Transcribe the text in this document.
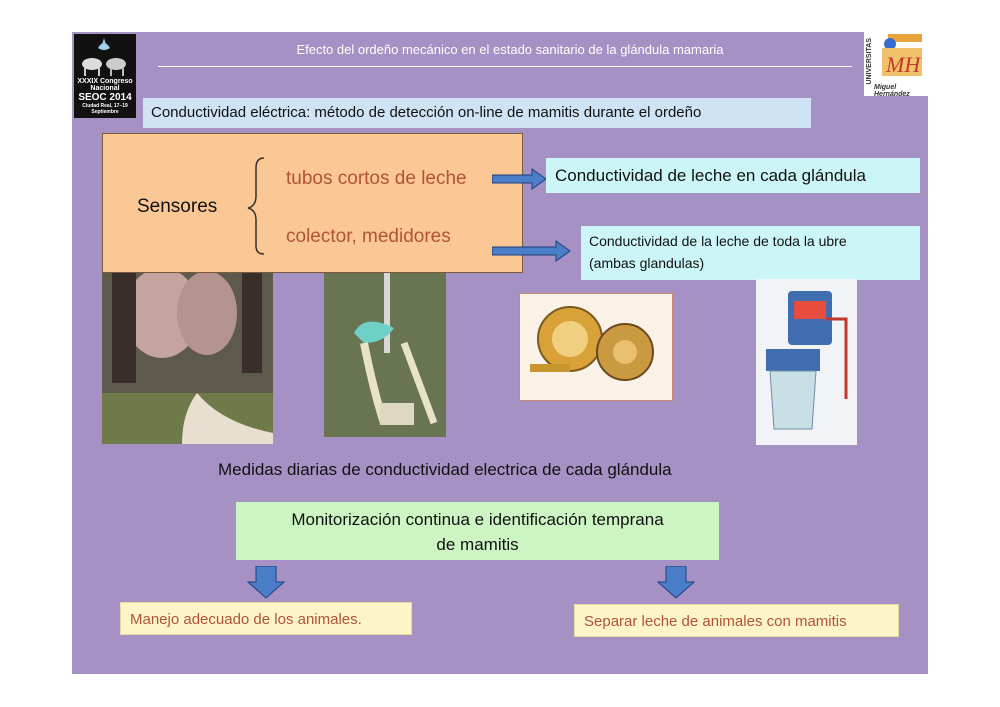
XXXIX Congreso Nacional
SEOC 2014
Ciudad Real, 17–19 Septiembre
Efecto del ordeño mecánico en el estado sanitario de la glándula mamaria	UNIVERSITAS MH
Miguel Hernández
Conductividad eléctrica: método de detección on-line de mamitis durante el ordeño
Sensores
tubos cortos de leche
colector, medidores
Conductividad de leche en cada glándula
Conductividad de la leche de toda la ubre
(ambas glandulas)
Medidas diarias de conductividad electrica de cada glándula
Monitorización continua e identificación temprana
de mamitis
Manejo adecuado de los animales.	Separar leche de animales con mamitis
